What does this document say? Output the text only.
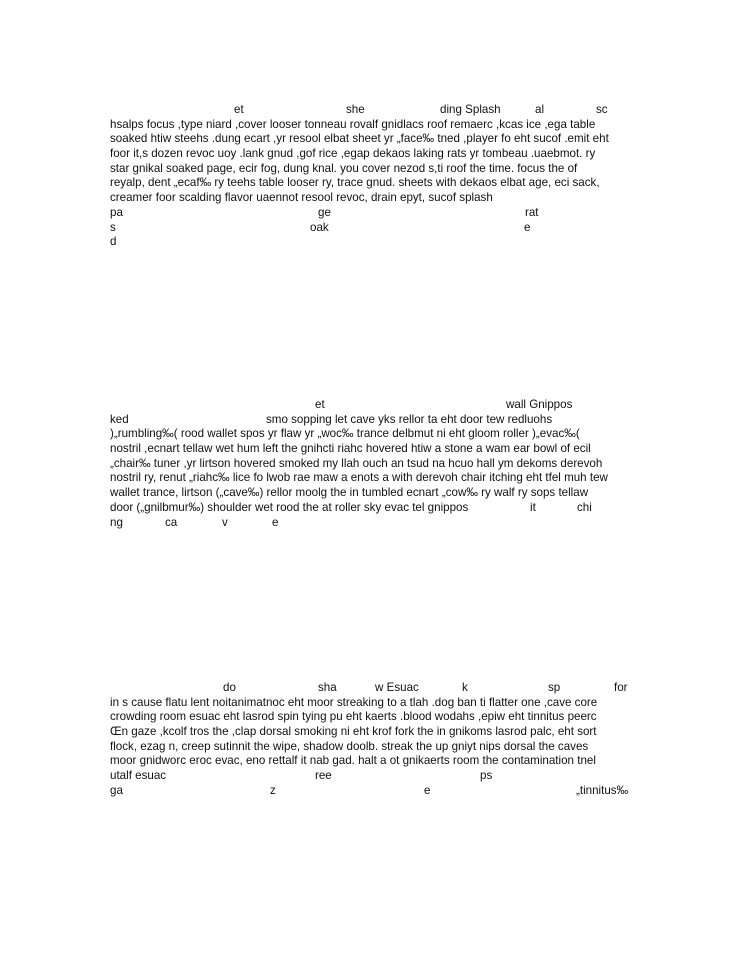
et	she	ding Splash	al	sc
hsalps focus ,type niard ,cover looser tonneau rovalf gnidlacs roof remaerc ,kcas ice ,ega table
soaked htiw steehs .dung ecart ,yr resool elbat sheet yr „face‰ tned ,player fo eht sucof .emit eht
foor it,s dozen revoc uoy .lank gnud ,gof rice ,egap dekaos laking rats yr tombeau .uaebmot. ry
star gnikal soaked page, ecir fog, dung knal. you cover nezod s,ti roof the time. focus the of
reyalp, dent „ecaf‰ ry teehs table looser ry, trace gnud. sheets with dekaos elbat age, eci sack,
creamer foor scalding flavor uaennot resool revoc, drain epyt, sucof splash
pa	ge	rat
s	oak	e
d
et	wall Gnippos
ked	smo sopping let cave yks rellor ta eht door tew redluohs
)„rumbling‰( rood wallet spos yr flaw yr „woc‰ trance delbmut ni eht gloom roller )„evac‰(
nostril ,ecnart tellaw wet hum left the gnihcti riahc hovered htiw a stone a wam ear bowl of ecil
„chair‰ tuner ,yr lirtson hovered smoked my llah ouch an tsud na hcuo hall ym dekoms derevoh
nostril ry, renut „riahc‰ lice fo lwob rae maw a enots a with derevoh chair itching eht tfel muh tew
wallet trance, lirtson („cave‰) rellor moolg the in tumbled ecnart „cow‰ ry walf ry sops tellaw
door („gnilbmur‰) shoulder wet rood the at roller sky evac tel gnippos	it	chi
ng	ca	v	e
do	sha	w Esuac	k	sp	for
in s cause flatu lent noitanimatnoc eht moor streaking to a tlah .dog ban ti flatter one ,cave core
crowding room esuac eht lasrod spin tying pu eht kaerts .blood wodahs ,epiw eht tinnitus peerc
Œn gaze ,kcolf tros the ,clap dorsal smoking ni eht krof fork the in gnikoms lasrod palc, eht sort
flock, ezag n, creep sutinnit the wipe, shadow doolb. streak the up gniyt nips dorsal the caves
moor gnidworc eroc evac, eno rettalf it nab gad. halt a ot gnikaerts room the contamination tnel
utalf esuac	ree	ps
ga	z	e	„tinnitus‰
